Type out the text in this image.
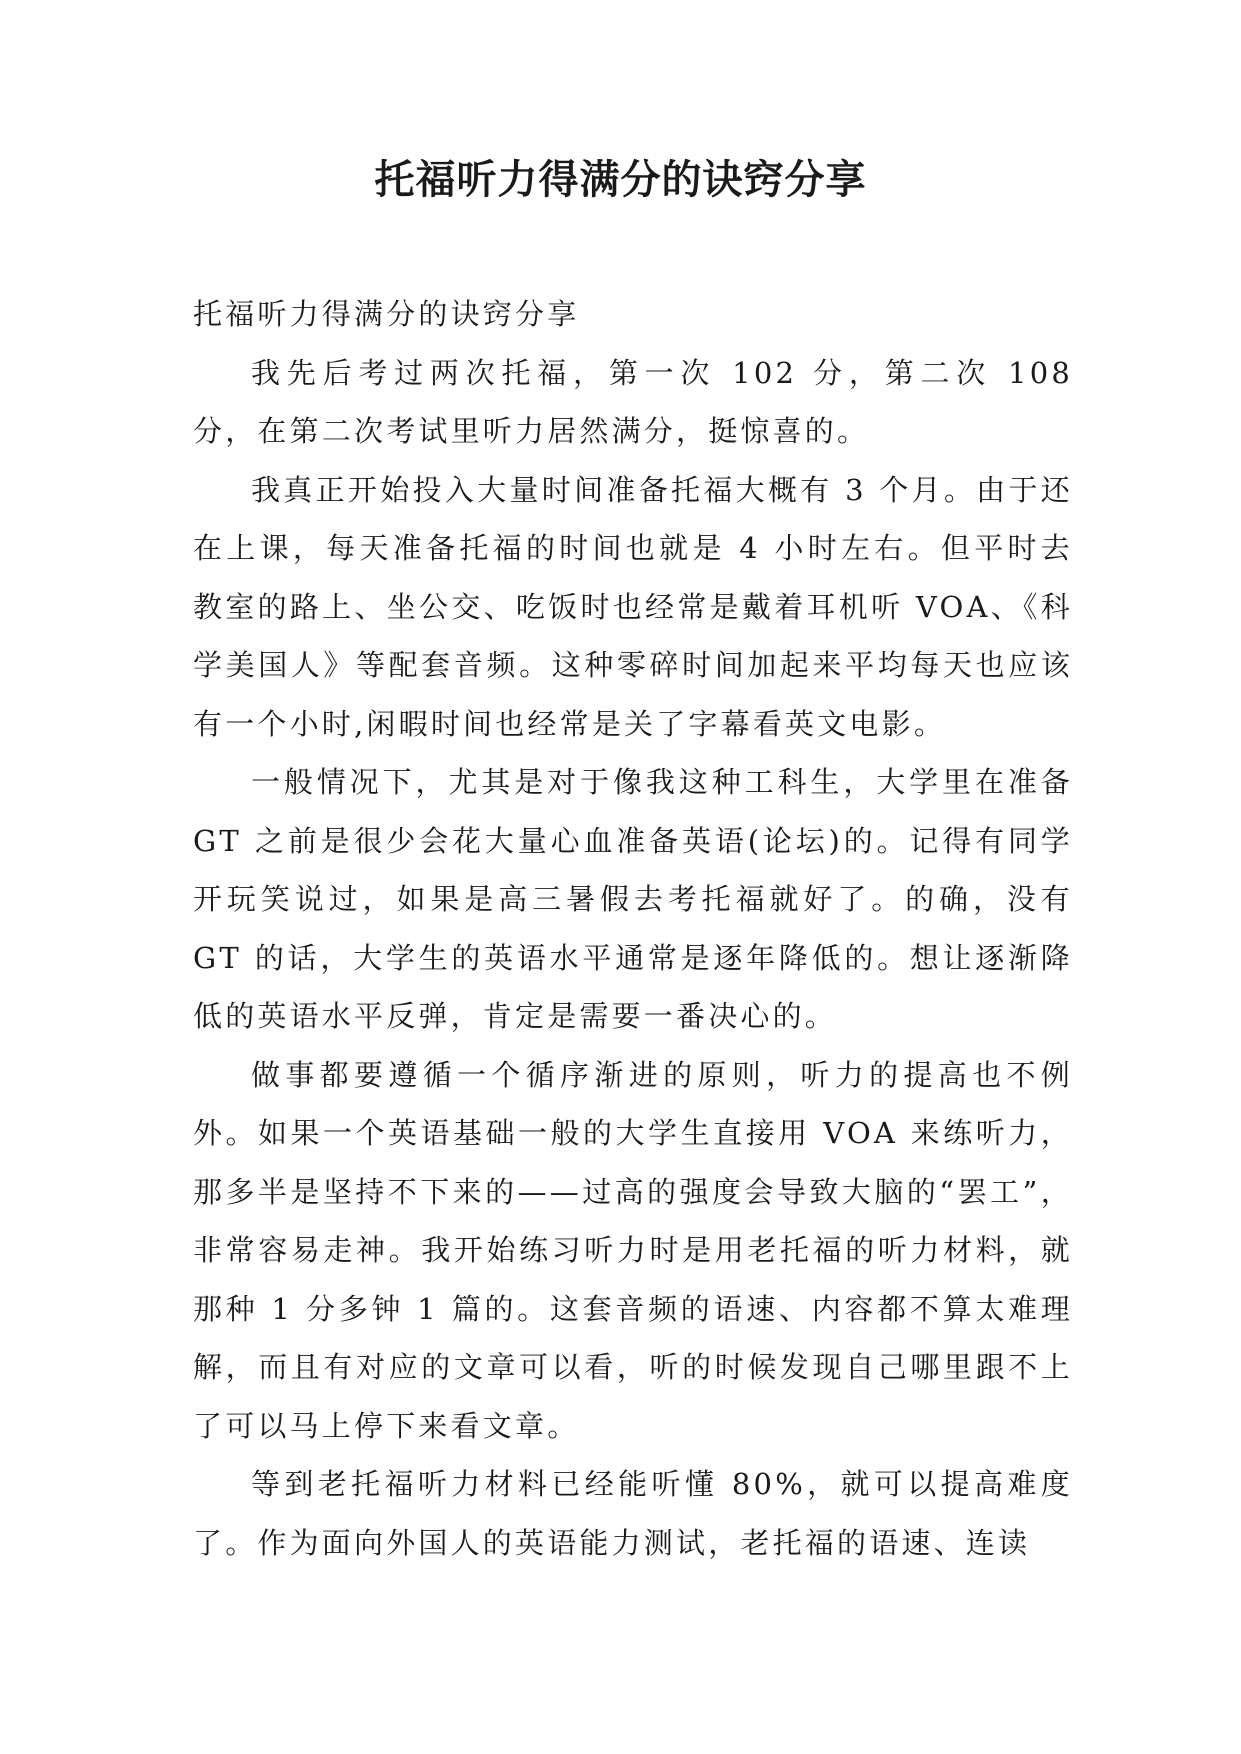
托福听力得满分的诀窍分享

托福听力得满分的诀窍分享

我先后考过两次托福，第一次 102 分，第二次 108 分，在第二次考试里听力居然满分，挺惊喜的。

我真正开始投入大量时间准备托福大概有 3 个月。由于还在上课，每天准备托福的时间也就是 4 小时左右。但平时去教室的路上、坐公交、吃饭时也经常是戴着耳机听 VOA、《科学美国人》等配套音频。这种零碎时间加起来平均每天也应该有一个小时,闲暇时间也经常是关了字幕看英文电影。

一般情况下，尤其是对于像我这种工科生，大学里在准备 GT 之前是很少会花大量心血准备英语(论坛)的。记得有同学开玩笑说过，如果是高三暑假去考托福就好了。的确，没有 GT 的话，大学生的英语水平通常是逐年降低的。想让逐渐降低的英语水平反弹，肯定是需要一番决心的。

做事都要遵循一个循序渐进的原则，听力的提高也不例外。如果一个英语基础一般的大学生直接用 VOA 来练听力，那多半是坚持不下来的——过高的强度会导致大脑的“罢工”，非常容易走神。我开始练习听力时是用老托福的听力材料，就那种 1 分多钟 1 篇的。这套音频的语速、内容都不算太难理解，而且有对应的文章可以看，听的时候发现自己哪里跟不上了可以马上停下来看文章。

等到老托福听力材料已经能听懂 80%，就可以提高难度了。作为面向外国人的英语能力测试，老托福的语速、连读
